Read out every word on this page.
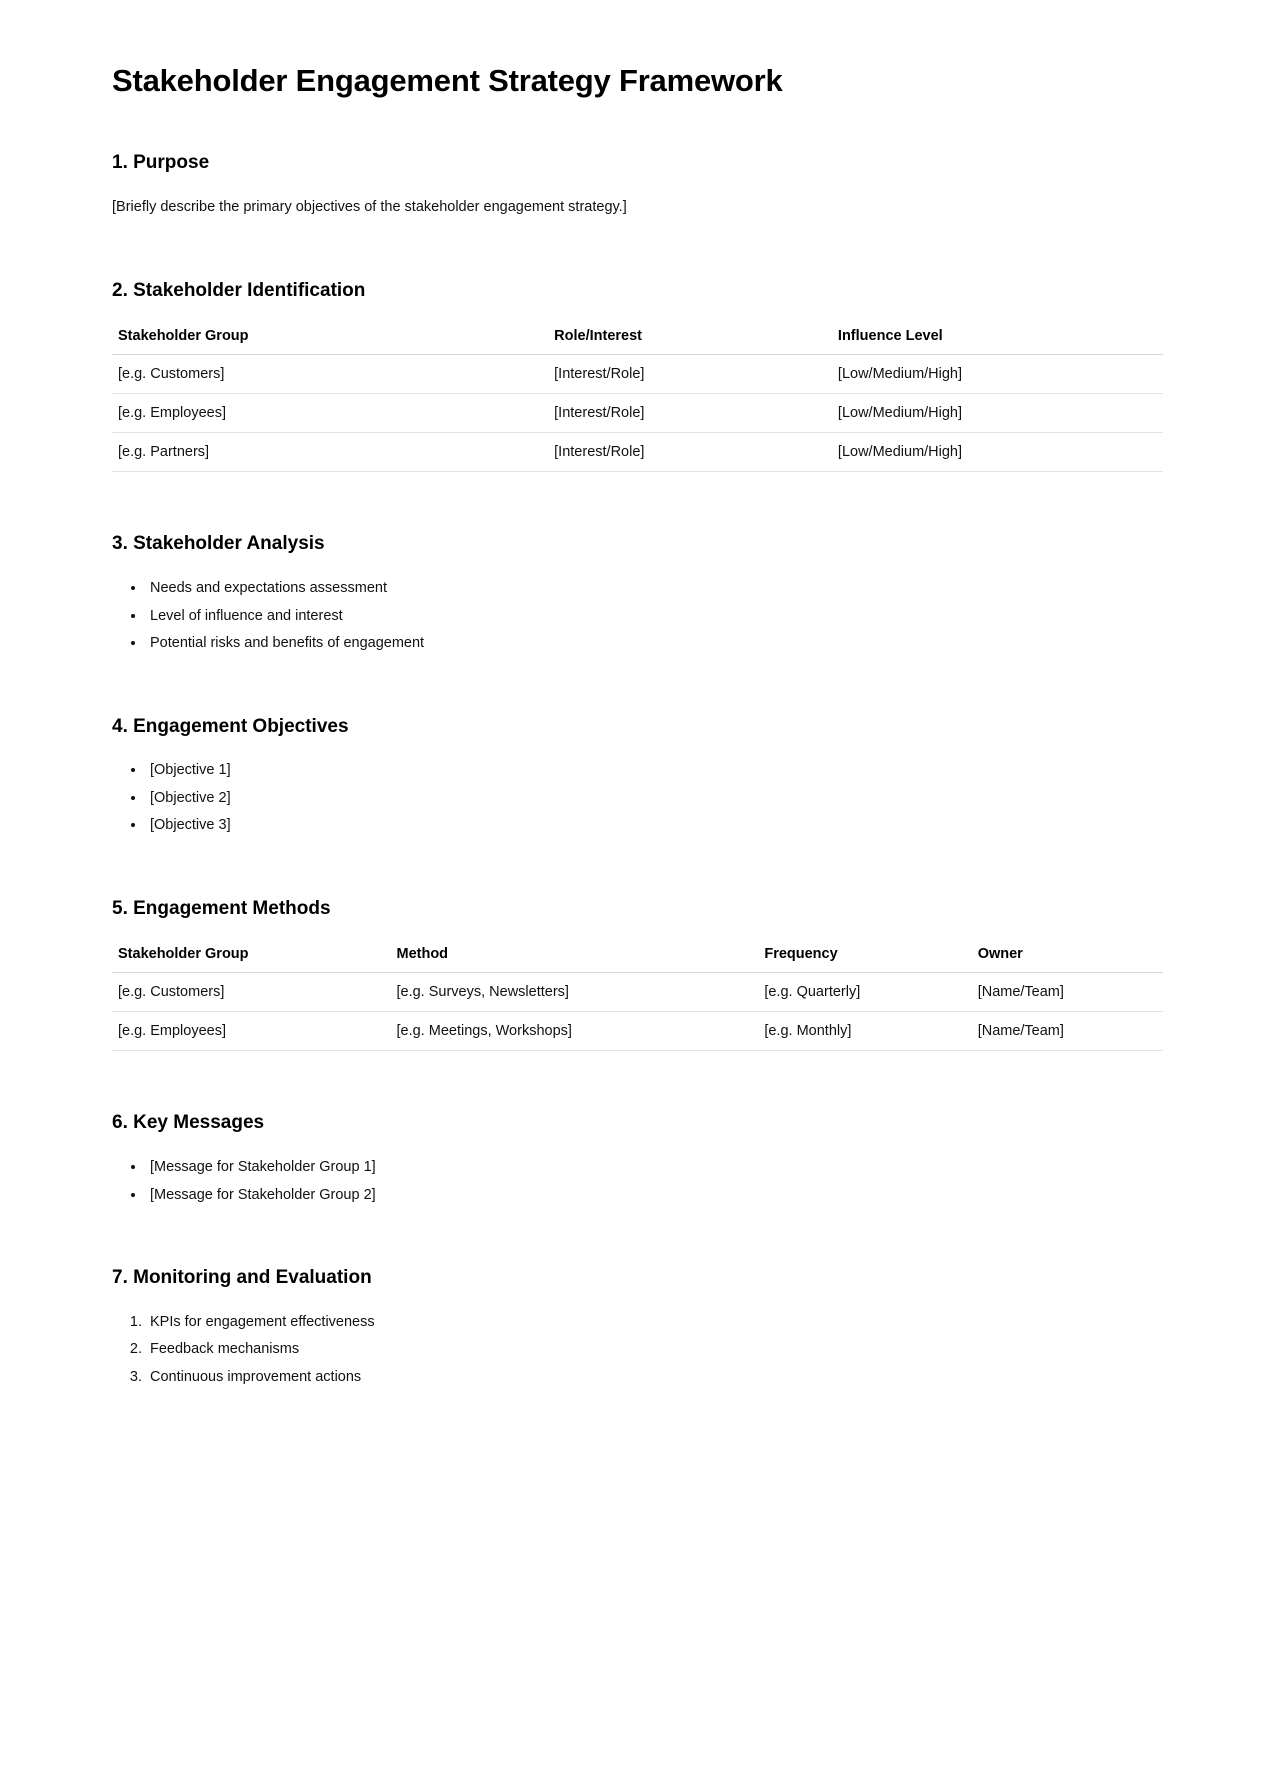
Stakeholder Engagement Strategy Framework
1. Purpose

[Briefly describe the primary objectives of the stakeholder engagement strategy.]

2. Stakeholder Identification
Stakeholder Group	Role/Interest	Influence Level
[e.g. Customers]	[Interest/Role]	[Low/Medium/High]
[e.g. Employees]	[Interest/Role]	[Low/Medium/High]
[e.g. Partners]	[Interest/Role]	[Low/Medium/High]
3. Stakeholder Analysis
• Needs and expectations assessment
• Level of influence and interest
• Potential risks and benefits of engagement
4. Engagement Objectives
• [Objective 1]
• [Objective 2]
• [Objective 3]
5. Engagement Methods
Stakeholder Group	Method	Frequency	Owner
[e.g. Customers]	[e.g. Surveys, Newsletters]	[e.g. Quarterly]	[Name/Team]
[e.g. Employees]	[e.g. Meetings, Workshops]	[e.g. Monthly]	[Name/Team]
6. Key Messages
• [Message for Stakeholder Group 1]
• [Message for Stakeholder Group 2]
7. Monitoring and Evaluation
1. KPIs for engagement effectiveness
2. Feedback mechanisms
3. Continuous improvement actions
